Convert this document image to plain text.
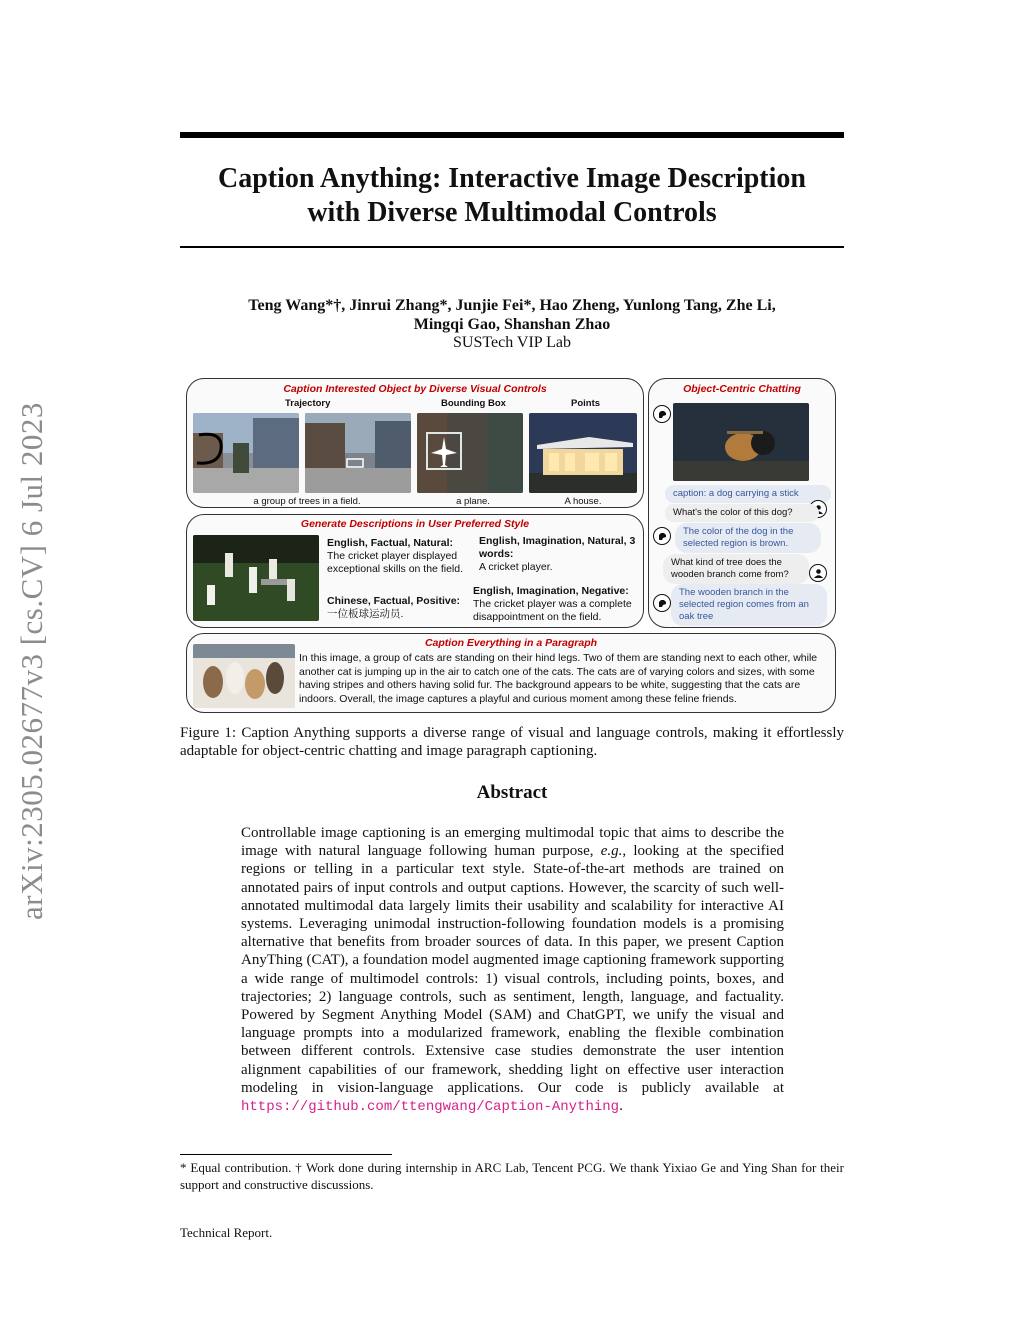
arXiv:2305.02677v3 [cs.CV] 6 Jul 2023
Caption Anything: Interactive Image Description
with Diverse Multimodal Controls
Teng Wang*†, Jinrui Zhang*, Junjie Fei*, Hao Zheng, Yunlong Tang, Zhe Li,
Mingqi Gao, Shanshan Zhao
SUSTech VIP Lab
Caption Interested Object by Diverse Visual Controls
Trajectory	Bounding Box	Points
a group of trees in a field.	a plane.	A house.
Generate Descriptions in User Preferred Style
English, Factual, Natural:
The cricket player displayed exceptional skills on the field.
English, Imagination, Natural, 3 words:
A cricket player.
Chinese, Factual, Positive:
一位板球运动员.
English, Imagination, Negative:
The cricket player was a complete disappointment on the field.
Object-Centric Chatting
caption: a dog carrying a stick
What's the color of this dog?
The color of the dog in the selected region is brown.
What kind of tree does the wooden branch come from?
The wooden branch in the selected region comes from an oak tree
Caption Everything in a Paragraph
In this image, a group of cats are standing on their hind legs. Two of them are standing next to each other, while another cat is jumping up in the air to catch one of the cats. The cats are of varying colors and sizes, with some having stripes and others having solid fur. The background appears to be white, suggesting that the cats are indoors. Overall, the image captures a playful and curious moment among these feline friends.
Figure 1: Caption Anything supports a diverse range of visual and language controls, making it effortlessly adaptable for object-centric chatting and image paragraph captioning.
Abstract
Controllable image captioning is an emerging multimodal topic that aims to describe the image with natural language following human purpose, e.g., looking at the specified regions or telling in a particular text style. State-of-the-art methods are trained on annotated pairs of input controls and output captions. However, the scarcity of such well-annotated multimodal data largely limits their usability and scalability for interactive AI systems. Leveraging unimodal instruction-following foundation models is a promising alternative that benefits from broader sources of data. In this paper, we present Caption AnyThing (CAT), a foundation model augmented image captioning framework supporting a wide range of multimodel controls: 1) visual controls, including points, boxes, and trajectories; 2) language controls, such as sentiment, length, language, and factuality. Powered by Segment Anything Model (SAM) and ChatGPT, we unify the visual and language prompts into a modularized framework, enabling the flexible combination between different controls. Extensive case studies demonstrate the user intention alignment capabilities of our framework, shedding light on effective user interaction modeling in vision-language applications. Our code is publicly available at https://github.com/ttengwang/Caption-Anything.
* Equal contribution. † Work done during internship in ARC Lab, Tencent PCG. We thank Yixiao Ge and Ying Shan for their support and constructive discussions.
Technical Report.
